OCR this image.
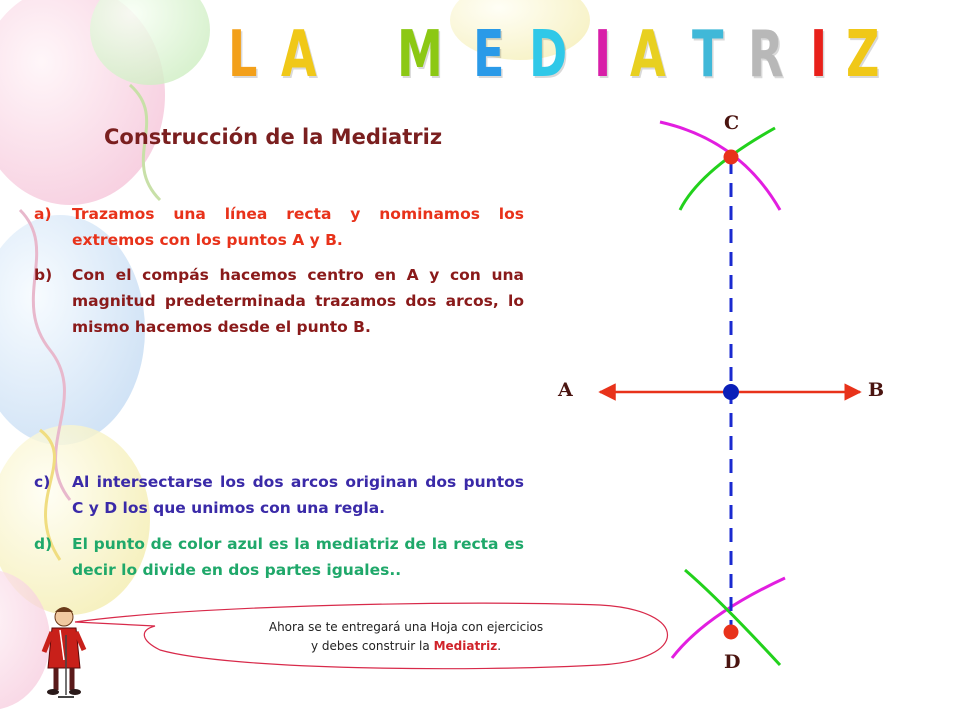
L A M E D I A T R I Z
Construcción de la Mediatriz
a)	Trazamos una línea recta y nominamos los extremos con los puntos A y B.
b)	Con el compás hacemos centro en A y con una magnitud predeterminada trazamos dos arcos, lo mismo hacemos desde el punto B.
c)	Al intersectarse los dos arcos originan dos puntos C y D los que unimos con una regla.
d)	El punto de color azul es la mediatriz de la recta es decir lo divide en dos partes iguales..
C
D
A	B
Ahora se te entregará una Hoja con ejercicios
y debes construir la Mediatriz.
